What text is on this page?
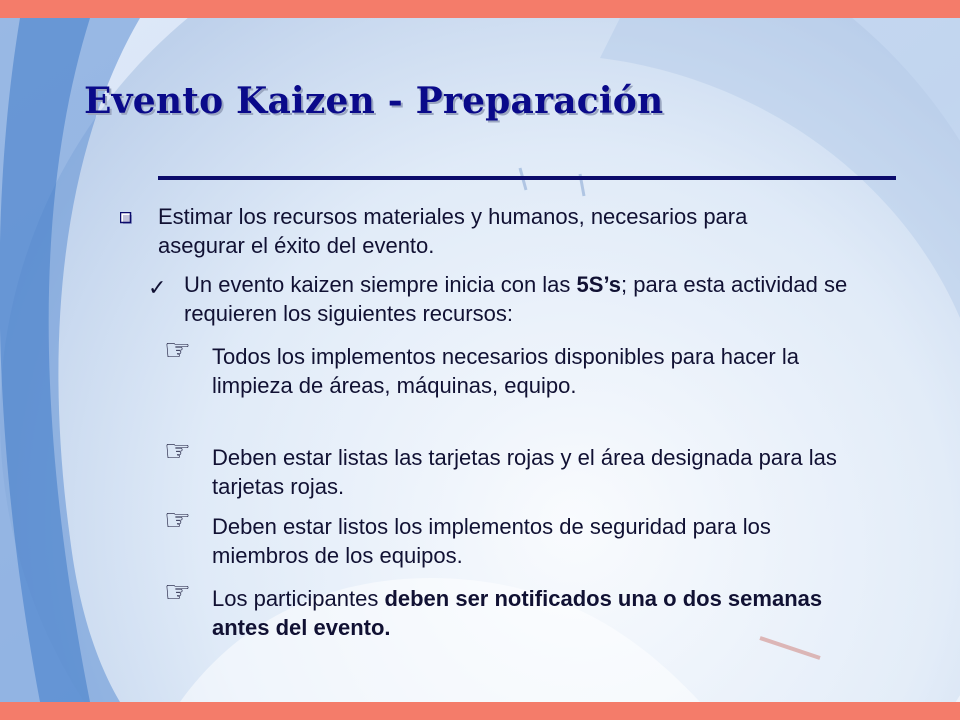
Evento Kaizen - Preparación

Estimar los recursos materiales y humanos, necesarios para asegurar el éxito del evento.

✓ Un evento kaizen siempre inicia con las 5S’s; para esta actividad se requieren los siguientes recursos:

☞ Todos los implementos necesarios disponibles para hacer la limpieza de áreas, máquinas, equipo.

☞ Deben estar listas las tarjetas rojas y el área designada para las tarjetas rojas.

☞ Deben estar listos los implementos de seguridad para los miembros de los equipos.

☞ Los participantes deben ser notificados una o dos semanas antes del evento.
